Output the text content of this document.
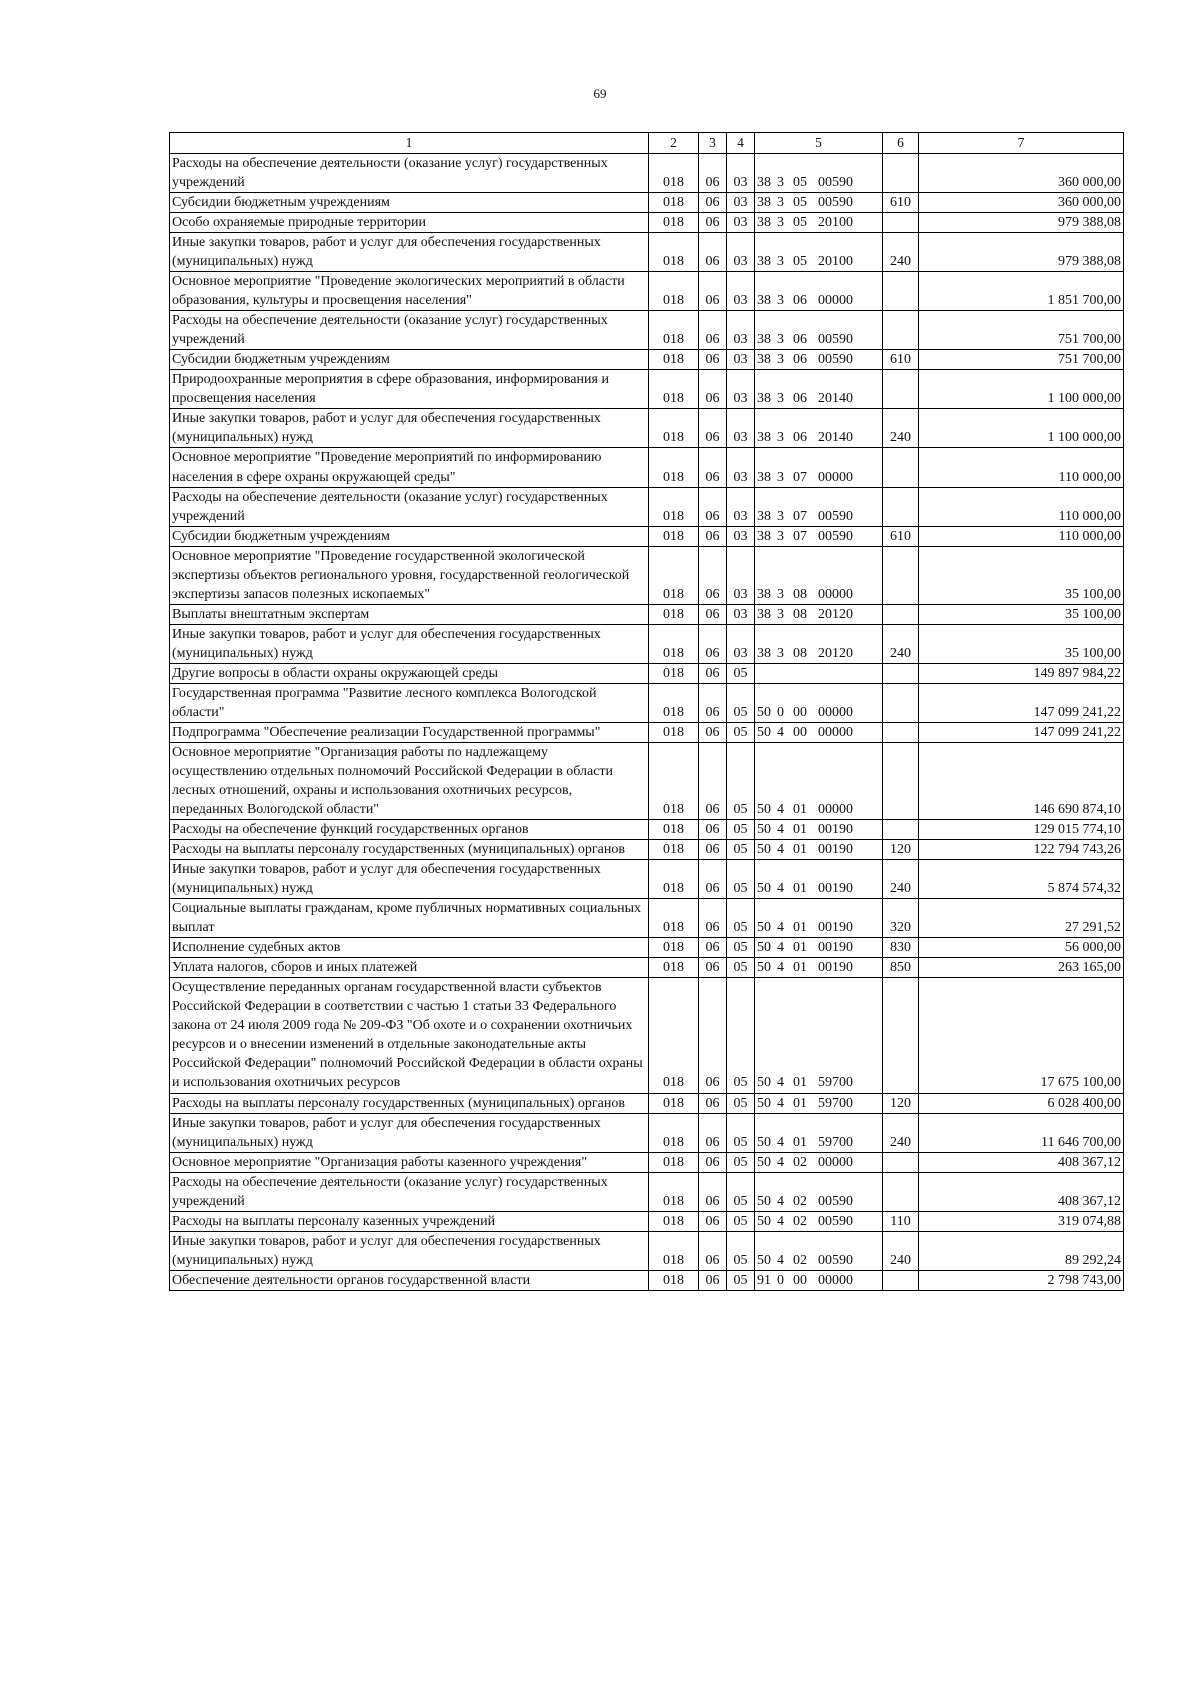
69
1	2	3	4	5	6	7
Расходы на обеспечение деятельности (оказание услуг) государственных учреждений	018	06	03	38 3 05 00590		360 000,00
Субсидии бюджетным учреждениям	018	06	03	38 3 05 00590	610	360 000,00
Особо охраняемые природные территории	018	06	03	38 3 05 20100		979 388,08
Иные закупки товаров, работ и услуг для обеспечения государственных (муниципальных) нужд	018	06	03	38 3 05 20100	240	979 388,08
Основное мероприятие "Проведение экологических мероприятий в области образования, культуры и просвещения населения"	018	06	03	38 3 06 00000		1 851 700,00
Расходы на обеспечение деятельности (оказание услуг) государственных учреждений	018	06	03	38 3 06 00590		751 700,00
Субсидии бюджетным учреждениям	018	06	03	38 3 06 00590	610	751 700,00
Природоохранные мероприятия в сфере образования, информирования и просвещения населения	018	06	03	38 3 06 20140		1 100 000,00
Иные закупки товаров, работ и услуг для обеспечения государственных (муниципальных) нужд	018	06	03	38 3 06 20140	240	1 100 000,00
Основное мероприятие "Проведение мероприятий по информированию населения в сфере охраны окружающей среды"	018	06	03	38 3 07 00000		110 000,00
Расходы на обеспечение деятельности (оказание услуг) государственных учреждений	018	06	03	38 3 07 00590		110 000,00
Субсидии бюджетным учреждениям	018	06	03	38 3 07 00590	610	110 000,00
Основное мероприятие "Проведение государственной экологической экспертизы объектов регионального уровня, государственной геологической экспертизы запасов полезных ископаемых"	018	06	03	38 3 08 00000		35 100,00
Выплаты внештатным экспертам	018	06	03	38 3 08 20120		35 100,00
Иные закупки товаров, работ и услуг для обеспечения государственных (муниципальных) нужд	018	06	03	38 3 08 20120	240	35 100,00
Другие вопросы в области охраны окружающей среды	018	06	05			149 897 984,22
Государственная программа "Развитие лесного комплекса Вологодской области"	018	06	05	50 0 00 00000		147 099 241,22
Подпрограмма "Обеспечение реализации Государственной программы"	018	06	05	50 4 00 00000		147 099 241,22
Основное мероприятие "Организация работы по надлежащему осуществлению отдельных полномочий Российской Федерации в области лесных отношений, охраны и использования охотничьих ресурсов, переданных Вологодской области"	018	06	05	50 4 01 00000		146 690 874,10
Расходы на обеспечение функций государственных органов	018	06	05	50 4 01 00190		129 015 774,10
Расходы на выплаты персоналу государственных (муниципальных) органов	018	06	05	50 4 01 00190	120	122 794 743,26
Иные закупки товаров, работ и услуг для обеспечения государственных (муниципальных) нужд	018	06	05	50 4 01 00190	240	5 874 574,32
Социальные выплаты гражданам, кроме публичных нормативных социальных выплат	018	06	05	50 4 01 00190	320	27 291,52
Исполнение судебных актов	018	06	05	50 4 01 00190	830	56 000,00
Уплата налогов, сборов и иных платежей	018	06	05	50 4 01 00190	850	263 165,00
Осуществление переданных органам государственной власти субъектов Российской Федерации в соответствии с частью 1 статьи 33 Федерального закона от 24 июля 2009 года № 209-ФЗ "Об охоте и о сохранении охотничьих ресурсов и о внесении изменений в отдельные законодательные акты Российской Федерации" полномочий Российской Федерации в области охраны и использования охотничьих ресурсов	018	06	05	50 4 01 59700		17 675 100,00
Расходы на выплаты персоналу государственных (муниципальных) органов	018	06	05	50 4 01 59700	120	6 028 400,00
Иные закупки товаров, работ и услуг для обеспечения государственных (муниципальных) нужд	018	06	05	50 4 01 59700	240	11 646 700,00
Основное мероприятие "Организация работы казенного учреждения"	018	06	05	50 4 02 00000		408 367,12
Расходы на обеспечение деятельности (оказание услуг) государственных учреждений	018	06	05	50 4 02 00590		408 367,12
Расходы на выплаты персоналу казенных учреждений	018	06	05	50 4 02 00590	110	319 074,88
Иные закупки товаров, работ и услуг для обеспечения государственных (муниципальных) нужд	018	06	05	50 4 02 00590	240	89 292,24
Обеспечение деятельности органов государственной власти	018	06	05	91 0 00 00000		2 798 743,00
